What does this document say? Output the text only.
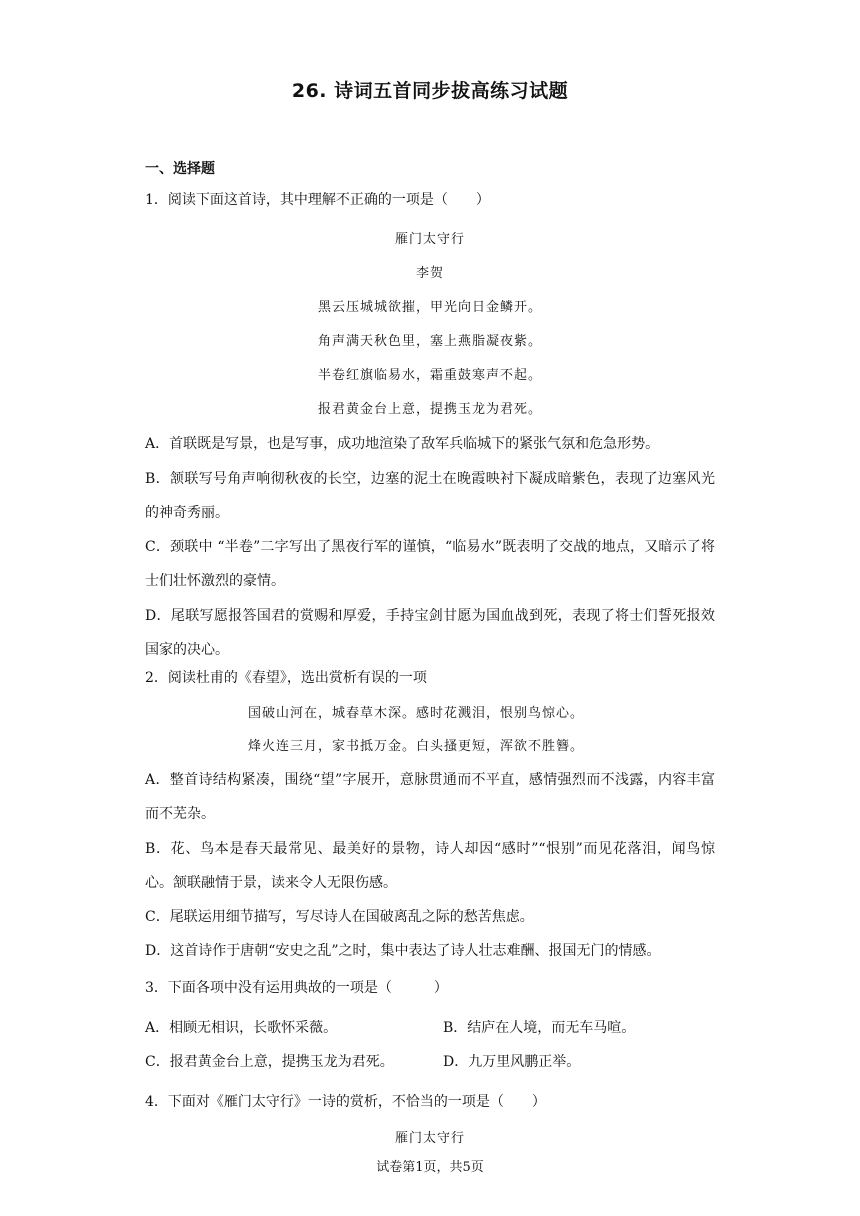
26. 诗词五首同步拔高练习试题
一、选择题
1．阅读下面这首诗，其中理解不正确的一项是（　　）
雁门太守行
李贺
黑云压城城欲摧，甲光向日金鳞开。
角声满天秋色里，塞上燕脂凝夜紫。
半卷红旗临易水，霜重鼓寒声不起。
报君黄金台上意，提携玉龙为君死。
A．首联既是写景，也是写事，成功地渲染了敌军兵临城下的紧张气氛和危急形势。
B．颔联写号角声响彻秋夜的长空，边塞的泥土在晚霞映衬下凝成暗紫色，表现了边塞风光的神奇秀丽。
C．颈联中 “半卷”二字写出了黑夜行军的谨慎，“临易水”既表明了交战的地点，又暗示了将士们壮怀激烈的豪情。
D．尾联写愿报答国君的赏赐和厚爱，手持宝剑甘愿为国血战到死，表现了将士们誓死报效国家的决心。
2．阅读杜甫的《春望》，选出赏析有误的一项
国破山河在，城春草木深。感时花溅泪，恨别鸟惊心。
烽火连三月，家书抵万金。白头搔更短，浑欲不胜簪。
A．整首诗结构紧凑，围绕“望”字展开，意脉贯通而不平直，感情强烈而不浅露，内容丰富而不芜杂。
B．花、鸟本是春天最常见、最美好的景物，诗人却因“感时”“恨别”而见花落泪，闻鸟惊心。颔联融情于景，读来令人无限伤感。
C．尾联运用细节描写，写尽诗人在国破离乱之际的愁苦焦虑。
D．这首诗作于唐朝“安史之乱”之时，集中表达了诗人壮志难酬、报国无门的情感。
3．下面各项中没有运用典故的一项是（　　　）
A．相顾无相识，长歌怀采薇。	B．结庐在人境，而无车马喧。
C．报君黄金台上意，提携玉龙为君死。	D．九万里风鹏正举。
4．下面对《雁门太守行》一诗的赏析，不恰当的一项是（　　）
雁门太守行
试卷第1页，共5页
